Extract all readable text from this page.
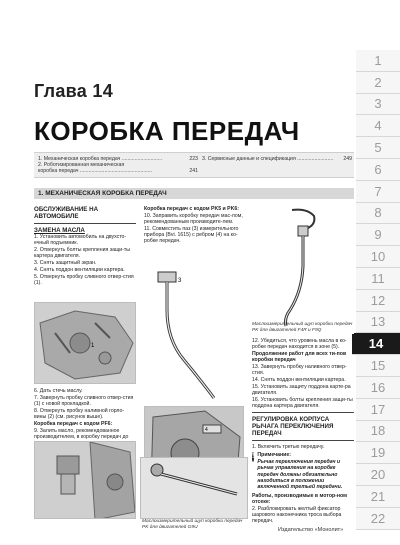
1
2
3
4
5
6
7
8
9
10
11
12
13
14
15
16
17
18
19
20
21
22
Глава 14
КОРОБКА ПЕРЕДАЧ
1. Механическая коробка передач ............................	223
2. Роботизированная механическая
коробка передач ..................................................	241
3. Сервисные данные и спецификация ......................... 249
1. МЕХАНИЧЕСКАЯ КОРОБКА ПЕРЕДАЧ
ОБСЛУЖИВАНИЕ НА АВТОМОБИЛЕ
ЗАМЕНА МАСЛА

1. Установить автомобиль на двухсто-ечный подъемник.

2. Отвернуть болты крепления защи-ты картера двигателя.

3. Снять защитный экран.

4. Снять поддон вентиляции картера.

5. Отвернуть пробку сливного отвер-стия (1).

1

6. Дать стечь маслу.

7. Завернуть пробку сливного отвер-стия (1) с новой прокладкой.

8. Отвернуть пробку наливной горло-вины (2) (см. рисунок выше).

Коробка передач с кодом PF6:

9. Залить масло, рекомендованное производителем, в коробку передач до

Коробка передач с кодом PK5 и PK6:

10. Заправить коробку передач мас-лом, рекомендованным производите-лем.

11. Совместить паз (3) измерительного прибора (Bvi. 1615) с ребром (4) на ко-робке передач.

3
4
Маслоизмерительный щуп коробки передач PK для двигателей G9U
Маслоизмерительный щуп коробки передач PK для двигателей F4R и F9Q

12. Убедиться, что уровень масла в ко-робке передач находится в зоне (5).

Продолжение работ для всех ти-пов коробки передач

13. Завернуть пробку наливного отвер-стия.

14. Снять поддон вентиляции картера.

15. Установить защиту поддона карте-ра двигателя.

16. Установить болты крепления защи-ты поддона картера двигателя.

РЕГУЛИРОВКА КОРПУСА РЫЧАГА ПЕРЕКЛЮЧЕНИЯ ПЕРЕДАЧ

1. Включить третью передачу.

! Примечание:

Рычаг переключения передач и рычаг управления на коробке передач должны обязательно находиться в положении включенной третьей передачи.

Работы, производимые в мотор-ном отсеке:

2. Разблокировать желтый фиксатор шарового наконечника троса выбора передач.

Издательство «Монолит»
